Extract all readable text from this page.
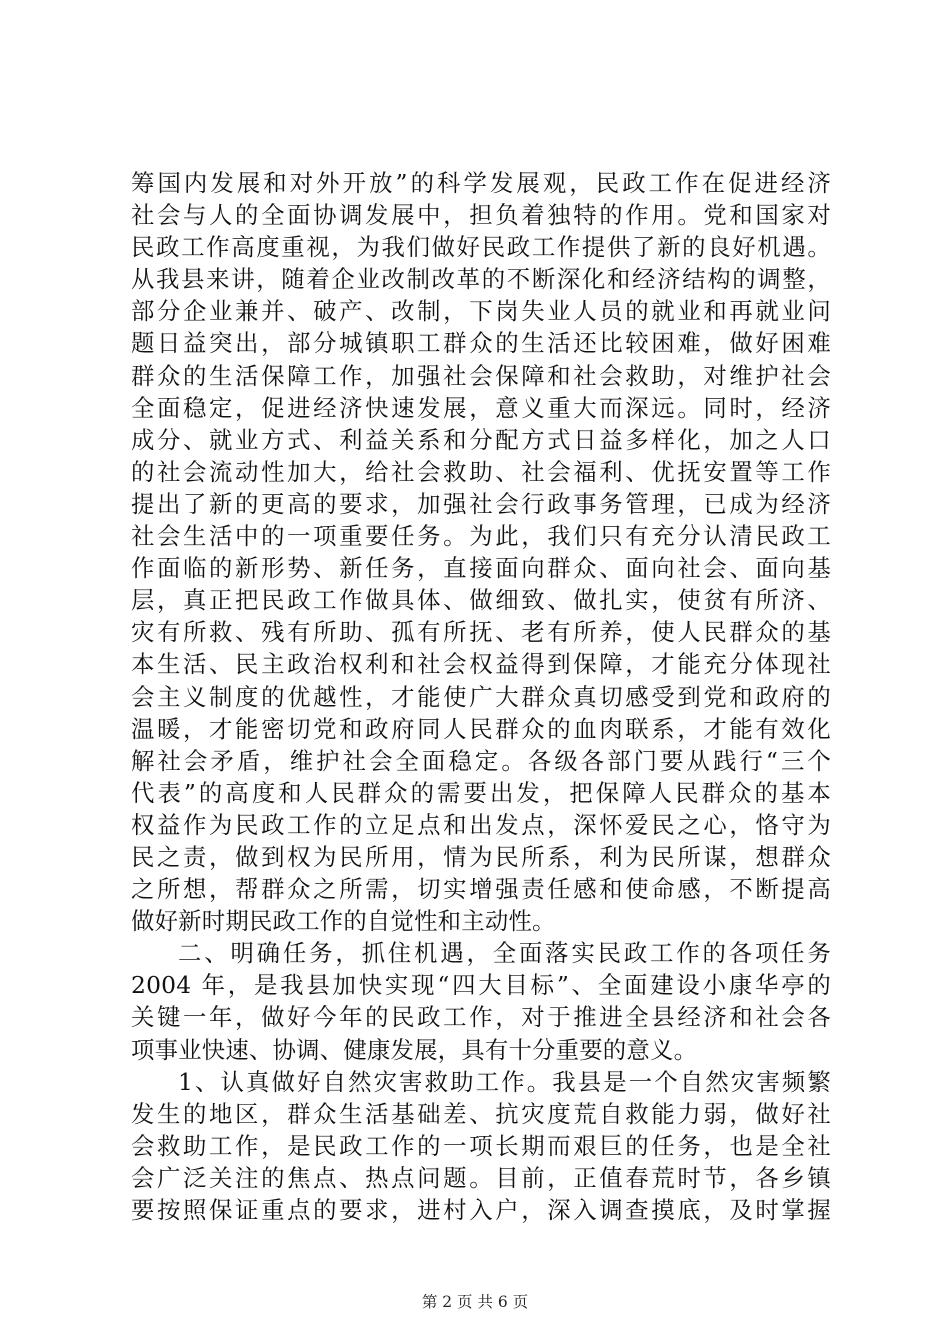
筹国内发展和对外开放”的科学发展观，民政工作在促进经济
社会与人的全面协调发展中，担负着独特的作用。党和国家对
民政工作高度重视，为我们做好民政工作提供了新的良好机遇。
从我县来讲，随着企业改制改革的不断深化和经济结构的调整，
部分企业兼并、破产、改制，下岗失业人员的就业和再就业问
题日益突出，部分城镇职工群众的生活还比较困难，做好困难
群众的生活保障工作，加强社会保障和社会救助，对维护社会
全面稳定，促进经济快速发展，意义重大而深远。同时，经济
成分、就业方式、利益关系和分配方式日益多样化，加之人口
的社会流动性加大，给社会救助、社会福利、优抚安置等工作
提出了新的更高的要求，加强社会行政事务管理，已成为经济
社会生活中的一项重要任务。为此，我们只有充分认清民政工
作面临的新形势、新任务，直接面向群众、面向社会、面向基
层，真正把民政工作做具体、做细致、做扎实，使贫有所济、
灾有所救、残有所助、孤有所抚、老有所养，使人民群众的基
本生活、民主政治权利和社会权益得到保障，才能充分体现社
会主义制度的优越性，才能使广大群众真切感受到党和政府的
温暖，才能密切党和政府同人民群众的血肉联系，才能有效化
解社会矛盾，维护社会全面稳定。各级各部门要从践行“三个
代表”的高度和人民群众的需要出发，把保障人民群众的基本
权益作为民政工作的立足点和出发点，深怀爱民之心，恪守为
民之责，做到权为民所用，情为民所系，利为民所谋，想群众
之所想，帮群众之所需，切实增强责任感和使命感，不断提高
做好新时期民政工作的自觉性和主动性。
二、明确任务，抓住机遇，全面落实民政工作的各项任务
2004 年，是我县加快实现“四大目标”、全面建设小康华亭的
关键一年，做好今年的民政工作，对于推进全县经济和社会各
项事业快速、协调、健康发展，具有十分重要的意义。
1、认真做好自然灾害救助工作。我县是一个自然灾害频繁
发生的地区，群众生活基础差、抗灾度荒自救能力弱，做好社
会救助工作，是民政工作的一项长期而艰巨的任务，也是全社
会广泛关注的焦点、热点问题。目前，正值春荒时节，各乡镇
要按照保证重点的要求，进村入户，深入调查摸底，及时掌握
第 2 页 共 6 页
